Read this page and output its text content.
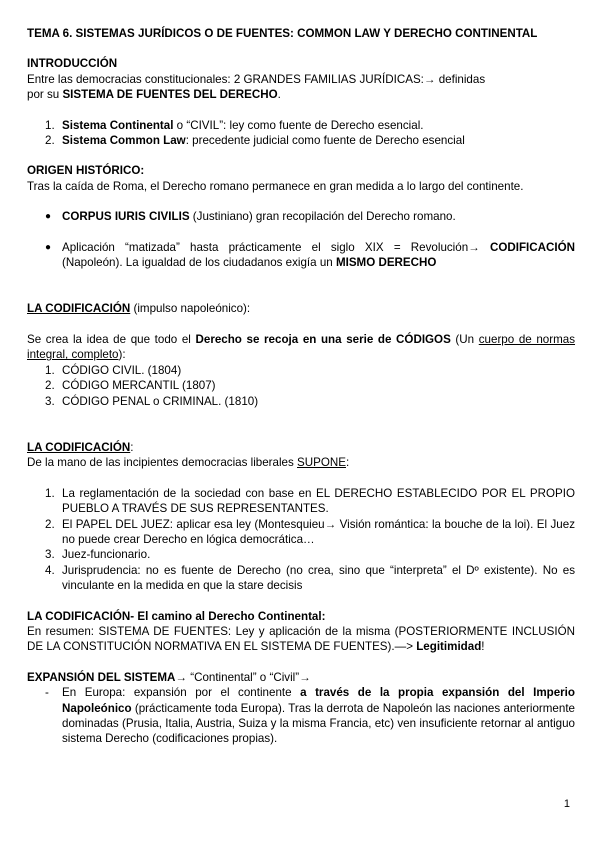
TEMA 6. SISTEMAS JURÍDICOS O DE FUENTES: COMMON LAW Y DERECHO CONTINENTAL

INTRODUCCIÓN

Entre las democracias constitucionales: 2 GRANDES FAMILIAS JURÍDICAS:→ definidas

por su SISTEMA DE FUENTES DEL DERECHO.

1. Sistema Continental o “CIVIL”: ley como fuente de Derecho esencial.
2. Sistema Common Law: precedente judicial como fuente de Derecho esencial

ORIGEN HISTÓRICO:

Tras la caída de Roma, el Derecho romano permanece en gran medida a lo largo del continente.

● CORPUS IURIS CIVILIS (Justiniano) gran recopilación del Derecho romano.
● Aplicación “matizada” hasta prácticamente el siglo XIX = Revolución→ CODIFICACIÓN (Napoleón). La igualdad de los ciudadanos exigía un MISMO DERECHO

LA CODIFICACIÓN (impulso napoleónico):

Se crea la idea de que todo el Derecho se recoja en una serie de CÓDIGOS (Un cuerpo de normas integral, completo):

1. CÓDIGO CIVIL. (1804)
2. CÓDIGO MERCANTIL (1807)
3. CÓDIGO PENAL o CRIMINAL. (1810)

LA CODIFICACIÓN:

De la mano de las incipientes democracias liberales SUPONE:

1. La reglamentación de la sociedad con base en EL DERECHO ESTABLECIDO POR EL PROPIO PUEBLO A TRAVÉS DE SUS REPRESENTANTES.
2. El PAPEL DEL JUEZ: aplicar esa ley (Montesquieu→ Visión romántica: la bouche de la loi). El Juez no puede crear Derecho en lógica democrática…
3. Juez-funcionario.
4. Jurisprudencia: no es fuente de Derecho (no crea, sino que “interpreta” el Dº existente). No es vinculante en la medida en que la stare decisis

LA CODIFICACIÓN- El camino al Derecho Continental:

En resumen: SISTEMA DE FUENTES: Ley y aplicación de la misma (POSTERIORMENTE INCLUSIÓN DE LA CONSTITUCIÓN NORMATIVA EN EL SISTEMA DE FUENTES).—> Legitimidad!

EXPANSIÓN DEL SISTEMA→ “Continental” o “Civil”→

- En Europa: expansión por el continente a través de la propia expansión del Imperio Napoleónico (prácticamente toda Europa). Tras la derrota de Napoleón las naciones anteriormente dominadas (Prusia, Italia, Austria, Suiza y la misma Francia, etc) ven insuficiente retornar al antiguo sistema Derecho (codificaciones propias).
1
